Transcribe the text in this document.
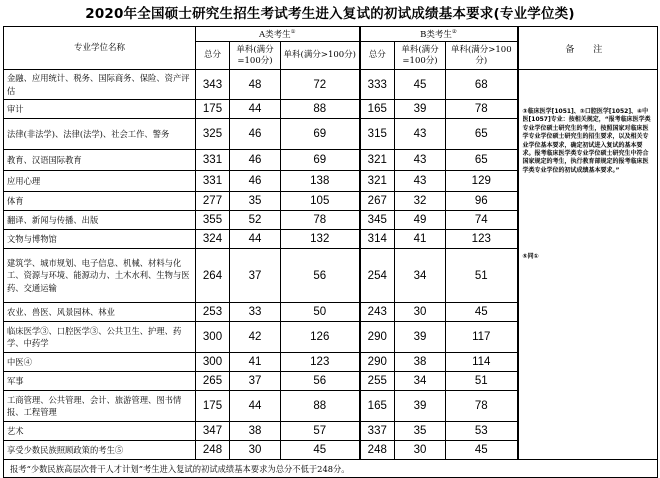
2020年全国硕士研究生招生考试考生进入复试的初试成绩基本要求(专业学位类)
专业学位名称	A类考生①			B类考生②			备 注
	总分	单科(满分=100分)	单科(满分>100分)	总分	单科(满分=100分)	单科(满分>100分)	
金融、应用统计、税务、国际商务、保险、资产评估	343	48	72	333	45	68	③临床医学[1051]、③口腔医学[1052]、④中医[1057]专业：按相关规定，“报考临床医学类专业学位硕士研究生的考生，按照国家对临床医学专业学位硕士研究生的招生要求，以及相关专业学位基本要求，确定初试进入复试的基本要求。报考临床医学类专业学位硕士研究生中符合国家规定的考生，执行教育部规定的报考临床医学类专业学位的初试成绩基本要求。”
⑤同①

审计	175	44	88	165	39	78	
法律(非法学)、法律(法学)、社会工作、警务	325	46	69	315	43	65	
教育、汉语国际教育	331	46	69	321	43	65	
应用心理	331	46	138	321	43	129	
体育	277	35	105	267	32	96	
翻译、新闻与传播、出版	355	52	78	345	49	74	
文物与博物馆	324	44	132	314	41	123	
建筑学、城市规划、电子信息、机械、材料与化工、资源与环境、能源动力、土木水利、生物与医药、交通运输	264	37	56	254	34	51	
农业、兽医、风景园林、林业	253	33	50	243	30	45	
临床医学③、口腔医学③、公共卫生、护理、药学、中药学	300	42	126	290	39	117	
中医④	300	41	123	290	38	114	
军事	265	37	56	255	34	51	
工商管理、公共管理、会计、旅游管理、图书情报、工程管理	175	44	88	165	39	78	
艺术	347	38	57	337	35	53	
享受少数民族照顾政策的考生⑤	248	30	45	248	30	45	
报考“少数民族高层次骨干人才计划”考生进入复试的初试成绩基本要求为总分不低于248分。							
